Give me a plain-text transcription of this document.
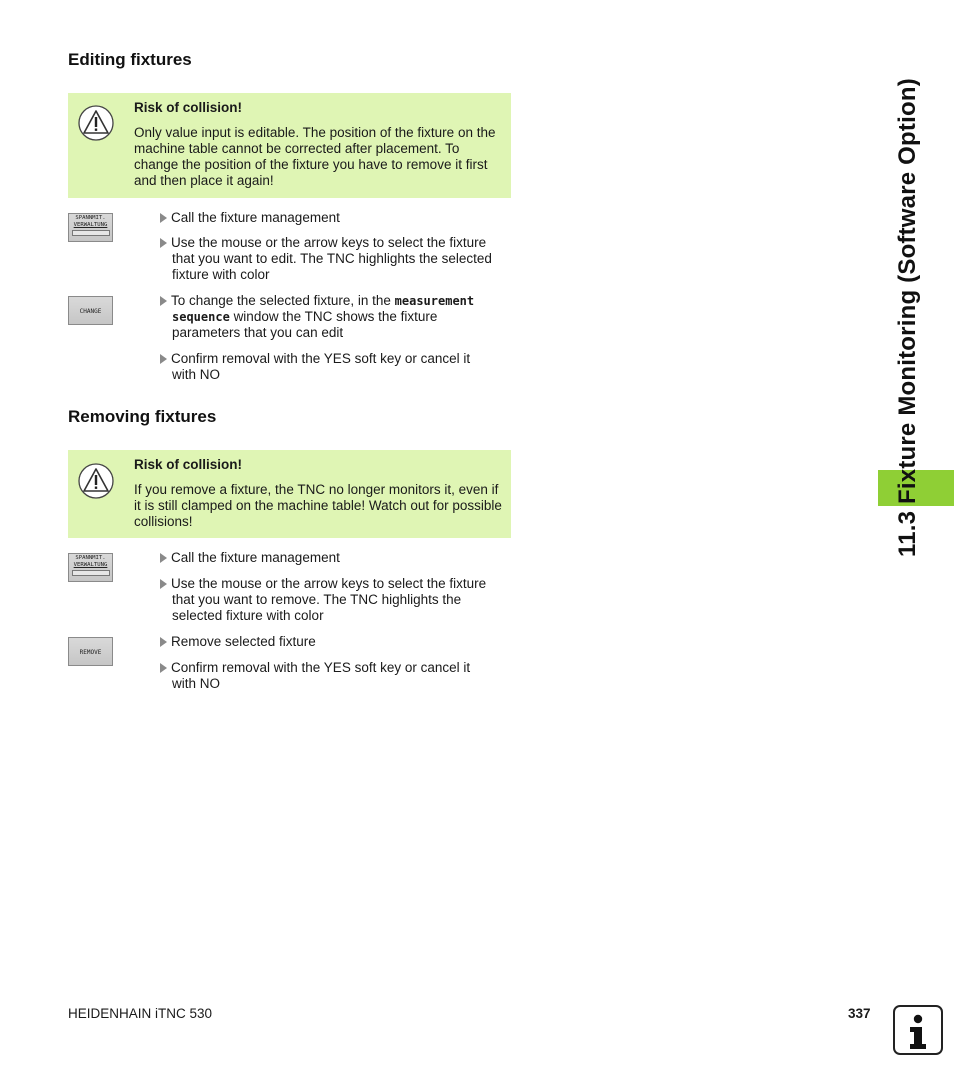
Editing fixtures
Risk of collision!
Only value input is editable. The position of the fixture on the machine table cannot be corrected after placement. To change the position of the fixture you have to remove it first and then place it again!
SPANNMIT.
VERWALTUNG	Call the fixture management
Use the mouse or the arrow keys to select the fixture
that you want to edit. The TNC highlights the selected
fixture with color
CHANGE
To change the selected fixture, in the measurement
sequence window the TNC shows the fixture
parameters that you can edit
Confirm removal with the YES soft key or cancel it
with NO
Removing fixtures
Risk of collision!
If you remove a fixture, the TNC no longer monitors it, even if it is still clamped on the machine table! Watch out for possible collisions!
SPANNMIT.
VERWALTUNG	Call the fixture management
Use the mouse or the arrow keys to select the fixture
that you want to remove. The TNC highlights the
selected fixture with color
REMOVE
Remove selected fixture
Confirm removal with the YES soft key or cancel it
with NO
11.3 Fixture Monitoring (Software Option)
HEIDENHAIN iTNC 530	337
